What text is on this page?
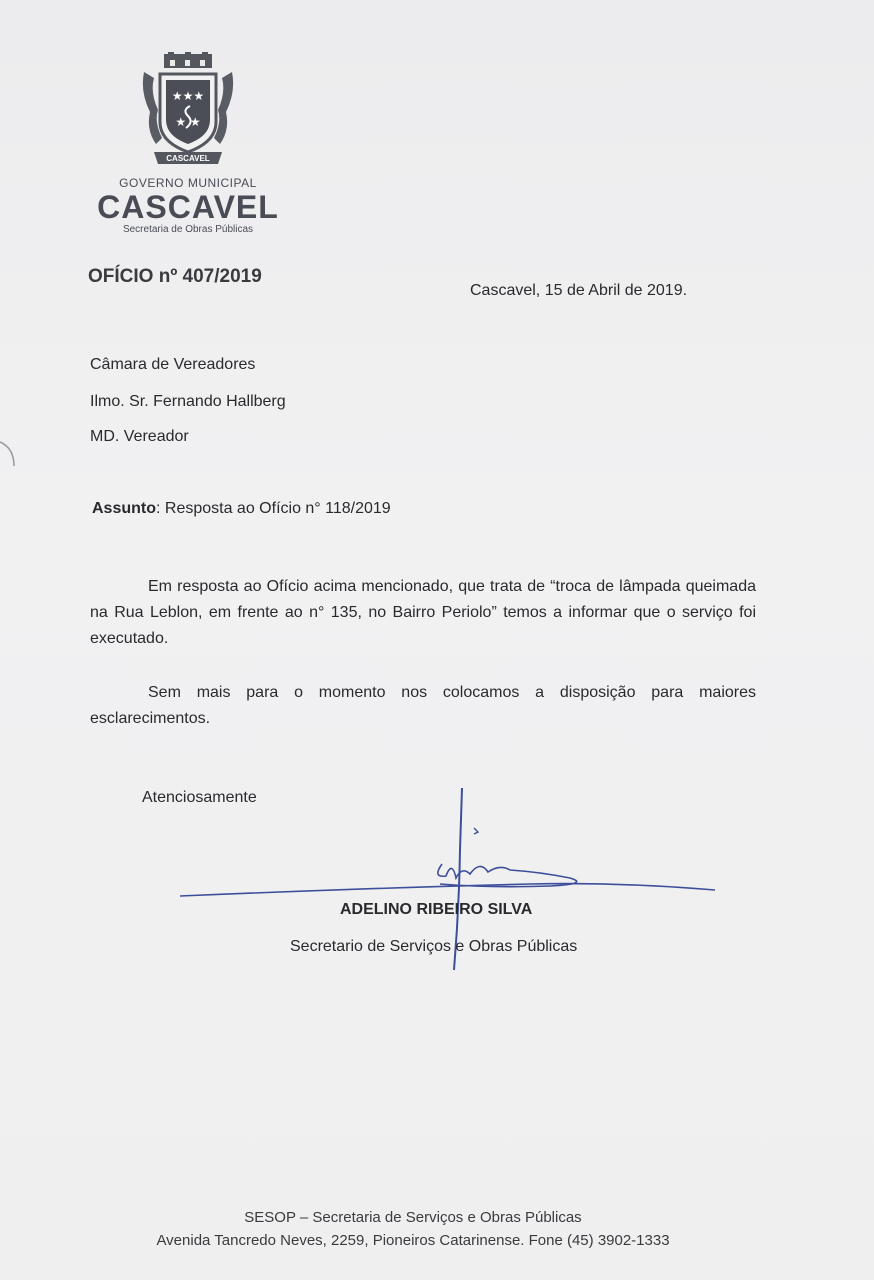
★★★
★ ★
CASCAVEL
GOVERNO MUNICIPAL
CASCAVEL
Secretaria de Obras Públicas
OFÍCIO nº 407/2019
Cascavel, 15 de Abril de 2019.
Câmara de Vereadores
Ilmo. Sr. Fernando Hallberg
MD. Vereador
Assunto: Resposta ao Ofício n° 118/2019
Em resposta ao Ofício acima mencionado, que trata de “troca de lâmpada queimada na Rua Leblon, em frente ao n° 135, no Bairro Periolo” temos a informar que o serviço foi executado.
Sem mais para o momento nos colocamos a disposição para maiores esclarecimentos.
Atenciosamente
ADELINO RIBEIRO SILVA
Secretario de Serviços e Obras Públicas
SESOP – Secretaria de Serviços e Obras Públicas
Avenida Tancredo Neves, 2259, Pioneiros Catarinense. Fone (45) 3902-1333
